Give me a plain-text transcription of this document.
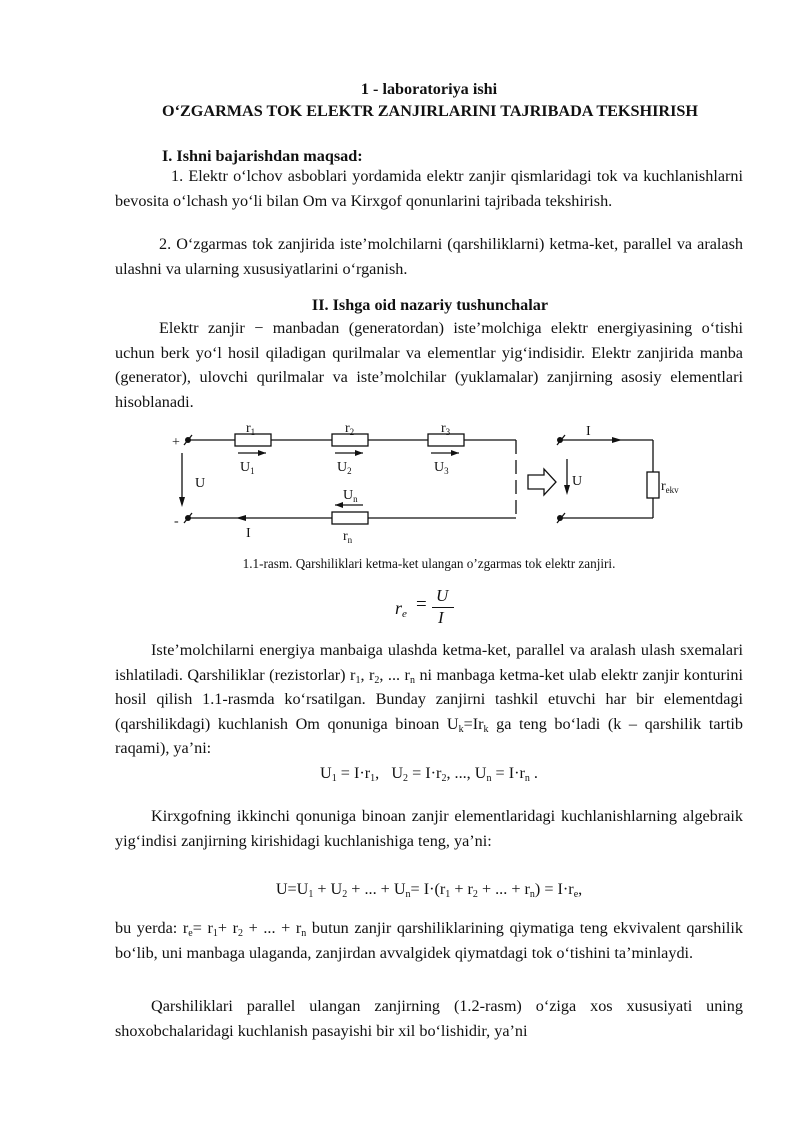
1 - laboratoriya ishi
O‘ZGARMAS TOK ELEKTR ZANJIRLARINI TAJRIBADA TEKSHIRISH
I. Ishni bajarishdan maqsad:
1. Elektr o‘lchov asboblari yordamida elektr zanjir qismlaridagi tok va kuchlanishlarni bevosita o‘lchash yo‘li bilan Om va Kirxgof qonunlarini tajribada tekshirish.
2. O‘zgarmas tok zanjirida iste’molchilarni (qarshiliklarni) ketma-ket, parallel va aralash ulashni va ularning xususiyatlarini o‘rganish.
II. Ishga oid nazariy tushunchalar
Elektr zanjir − manbadan (generatordan) iste’molchiga elektr energiyasining o‘tishi uchun berk yo‘l hosil qiladigan qurilmalar va elementlar yig‘indisidir. Elektr zanjirida manba (generator), ulovchi qurilmalar va iste’molchilar (yuklamalar) zanjirning asosiy elementlari hisoblanadi.
+
-
U
I
$r_1$	$r_2$	$r_3$
$r_n$
$U_1$	$U_2$	$U_3$
$U_n$
I
U	$r_{ekv}$
1.1-rasm. Qarshiliklari ketma-ket ulangan o’zgarmas tok elektr zanjiri.
$r_e = U$
I
Iste’molchilarni energiya manbaiga ulashda ketma-ket, parallel va aralash ulash sxemalari ishlatiladi. Qarshiliklar (rezistorlar) $r_1$, $r_2$, ... $r_n$ ni manbaga ketma-ket ulab elektr zanjir konturini hosil qilish 1.1-rasmda ko‘rsatilgan. Bunday zanjirni tashkil etuvchi har bir elementdagi (qarshilikdagi) kuchlanish Om qonuniga binoan $U_k=Ir_k$ ga teng bo‘ladi (k – qarshilik tartib raqami), ya’ni:
$U_1 = I\cdot r_1$, $U_2 = I\cdot r_2$, ..., $U_n = I\cdot r_n$ .
Kirxgofning ikkinchi qonuniga binoan zanjir elementlaridagi kuchlanishlarning algebraik yig‘indisi zanjirning kirishidagi kuchlanishiga teng, ya’ni:
$U=U_1 + U_2$ + ... + $U_n= I\cdot(r_1 + r_2$ + ... + $r_n) = I\cdot r_e$,
bu yerda: $r_e= r_1+ r_2$ + ... + $r_n$ butun zanjir qarshiliklarining qiymatiga teng ekvivalent qarshilik bo‘lib, uni manbaga ulaganda, zanjirdan avvalgidek qiymatdagi tok o‘tishini ta’minlaydi.
Qarshiliklari parallel ulangan zanjirning (1.2-rasm) o‘ziga xos xususiyati uning shoxobchalaridagi kuchlanish pasayishi bir xil bo‘lishidir, ya’ni
